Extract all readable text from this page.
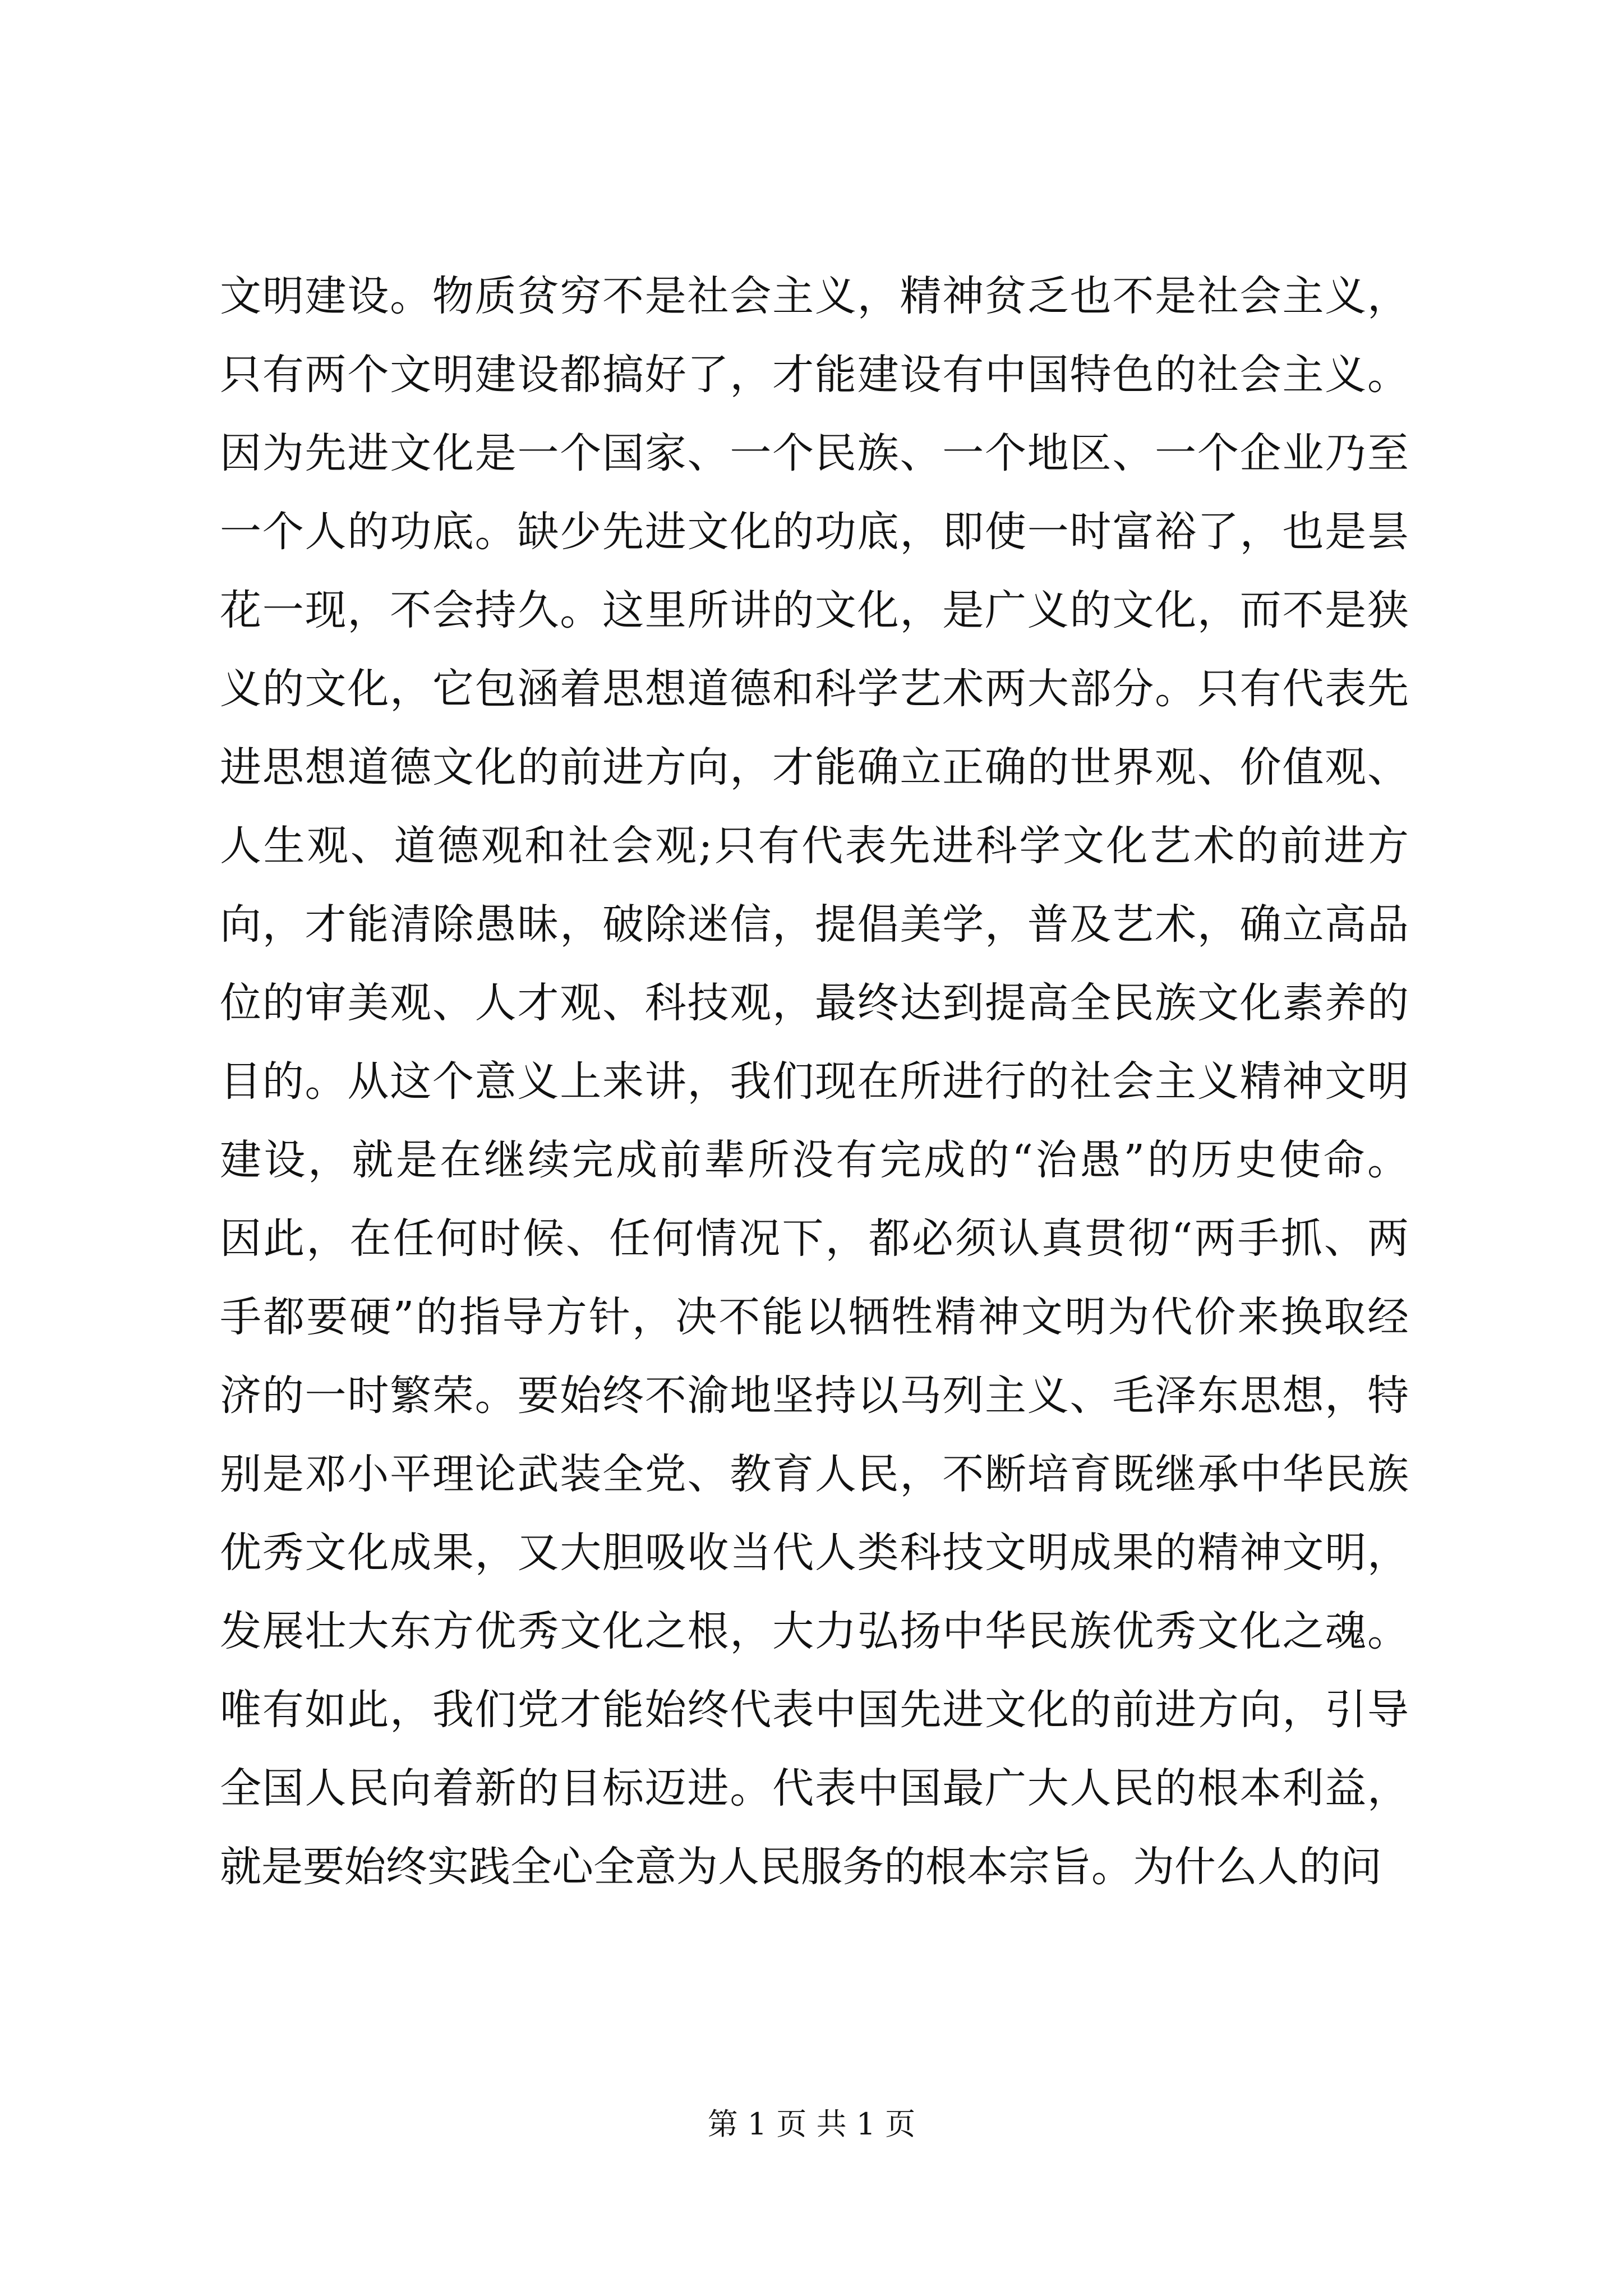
文明建设。物质贫穷不是社会主义，精神贫乏也不是社会主义，
只有两个文明建设都搞好了，才能建设有中国特色的社会主义。
因为先进文化是一个国家、一个民族、一个地区、一个企业乃至
一个人的功底。缺少先进文化的功底，即使一时富裕了，也是昙
花一现，不会持久。这里所讲的文化，是广义的文化，而不是狭
义的文化，它包涵着思想道德和科学艺术两大部分。只有代表先
进思想道德文化的前进方向，才能确立正确的世界观、价值观、
人生观、道德观和社会观;只有代表先进科学文化艺术的前进方
向，才能清除愚昧，破除迷信，提倡美学，普及艺术，确立高品
位的审美观、人才观、科技观，最终达到提高全民族文化素养的
目的。从这个意义上来讲，我们现在所进行的社会主义精神文明
建设，就是在继续完成前辈所没有完成的“治愚”的历史使命。
因此，在任何时候、任何情况下，都必须认真贯彻“两手抓、两
手都要硬”的指导方针，决不能以牺牲精神文明为代价来换取经
济的一时繁荣。要始终不渝地坚持以马列主义、毛泽东思想，特
别是邓小平理论武装全党、教育人民，不断培育既继承中华民族
优秀文化成果，又大胆吸收当代人类科技文明成果的精神文明，
发展壮大东方优秀文化之根，大力弘扬中华民族优秀文化之魂。
唯有如此，我们党才能始终代表中国先进文化的前进方向，引导
全国人民向着新的目标迈进。代表中国最广大人民的根本利益，
就是要始终实践全心全意为人民服务的根本宗旨。为什么人的问
第 1 页 共 1 页
